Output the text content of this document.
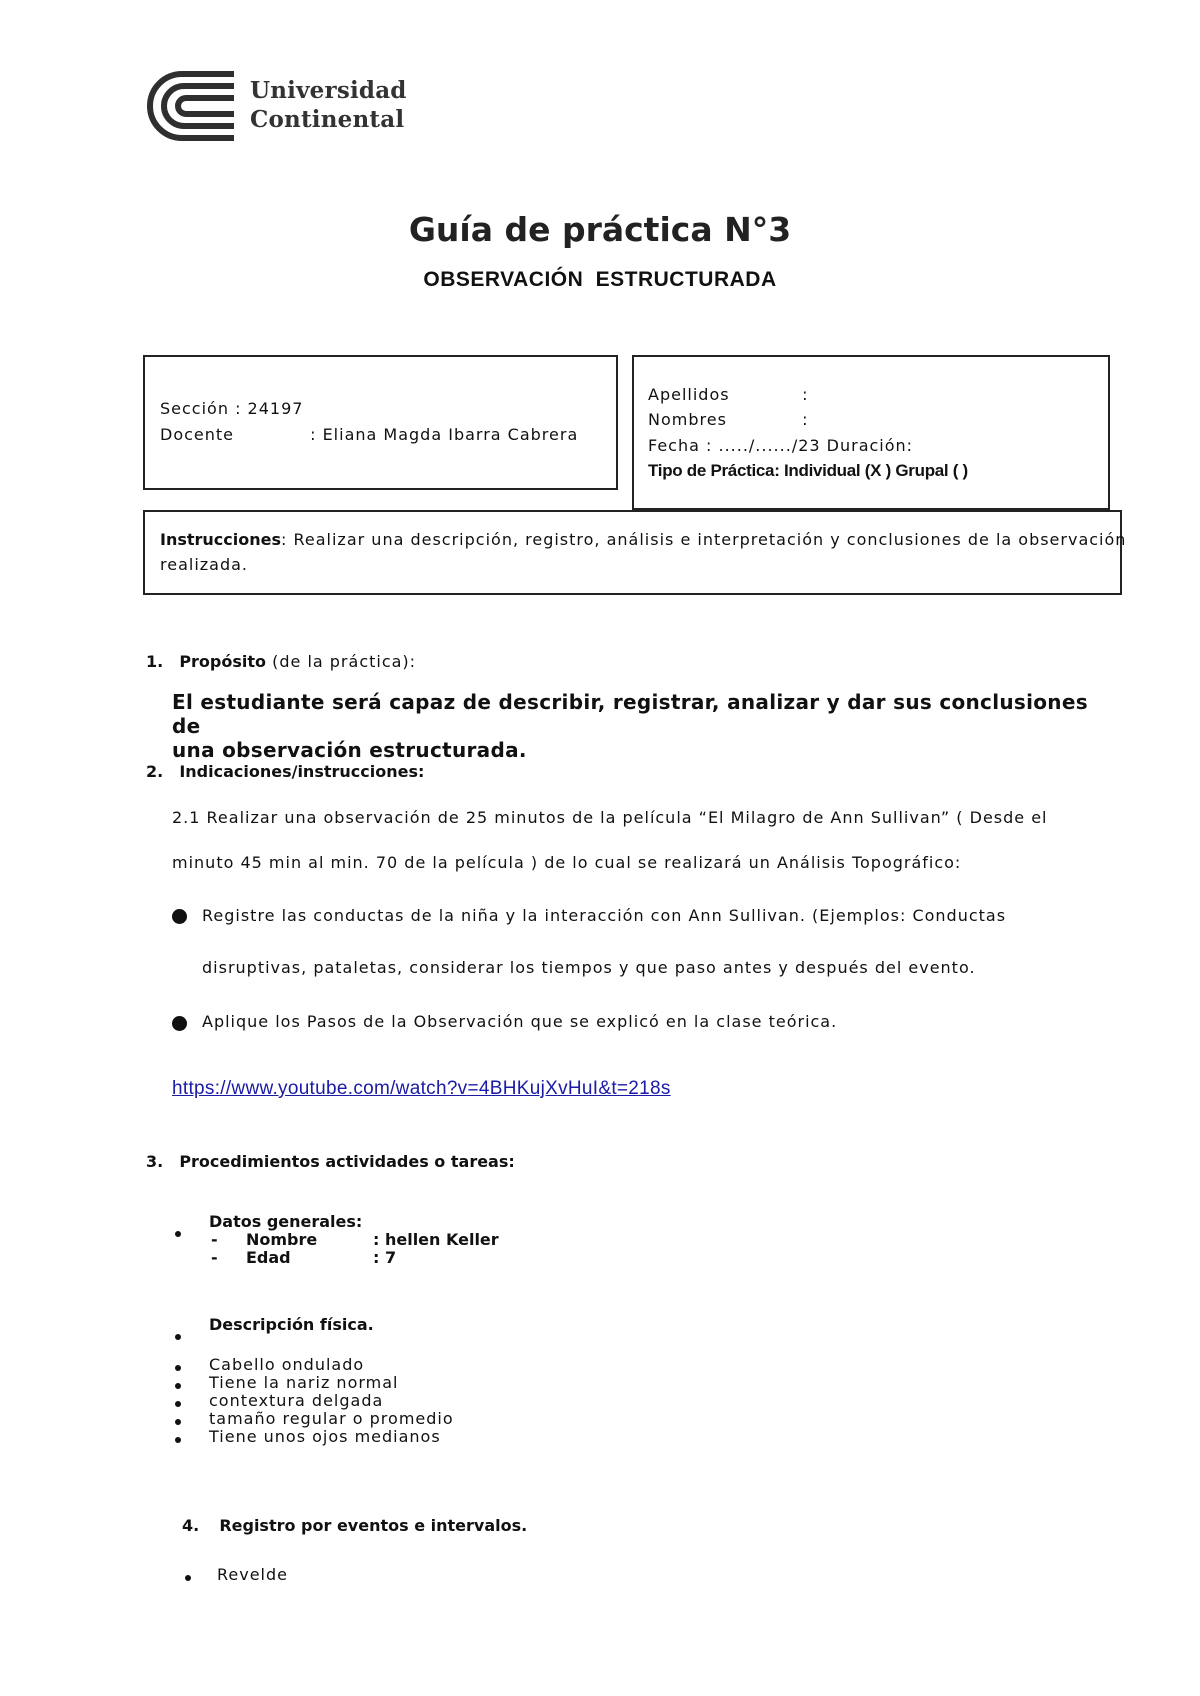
Universidad
Continental
Guía de práctica N°3
OBSERVACIÓN ESTRUCTURADA
Sección : 24197
Docente	: Eliana Magda Ibarra Cabrera
Apellidos	:
Nombres	:
Fecha : ...../....../23 Duración:
Tipo de Práctica: Individual (X ) Grupal ( )
Instrucciones: Realizar una descripción, registro, análisis e interpretación y conclusiones de la observación
realizada.
1. Propósito (de la práctica):
El estudiante será capaz de describir, registrar, analizar y dar sus conclusiones de
una observación estructurada.
2. Indicaciones/instrucciones:
2.1 Realizar una observación de 25 minutos de la película “El Milagro de Ann Sullivan” ( Desde el
minuto 45 min al min. 70 de la película ) de lo cual se realizará un Análisis Topográfico:
Registre las conductas de la niña y la interacción con Ann Sullivan. (Ejemplos: Conductas
disruptivas, pataletas, considerar los tiempos y que paso antes y después del evento.
Aplique los Pasos de la Observación que se explicó en la clase teórica.
https://www.youtube.com/watch?v=4BHKujXvHuI&t=218s
3. Procedimientos actividades o tareas:
Datos generales:
- Nombre	: hellen Keller
- Edad	: 7
Descripción física.
Cabello ondulado
Tiene la nariz normal
contextura delgada
tamaño regular o promedio
Tiene unos ojos medianos
4. Registro por eventos e intervalos.
Revelde
